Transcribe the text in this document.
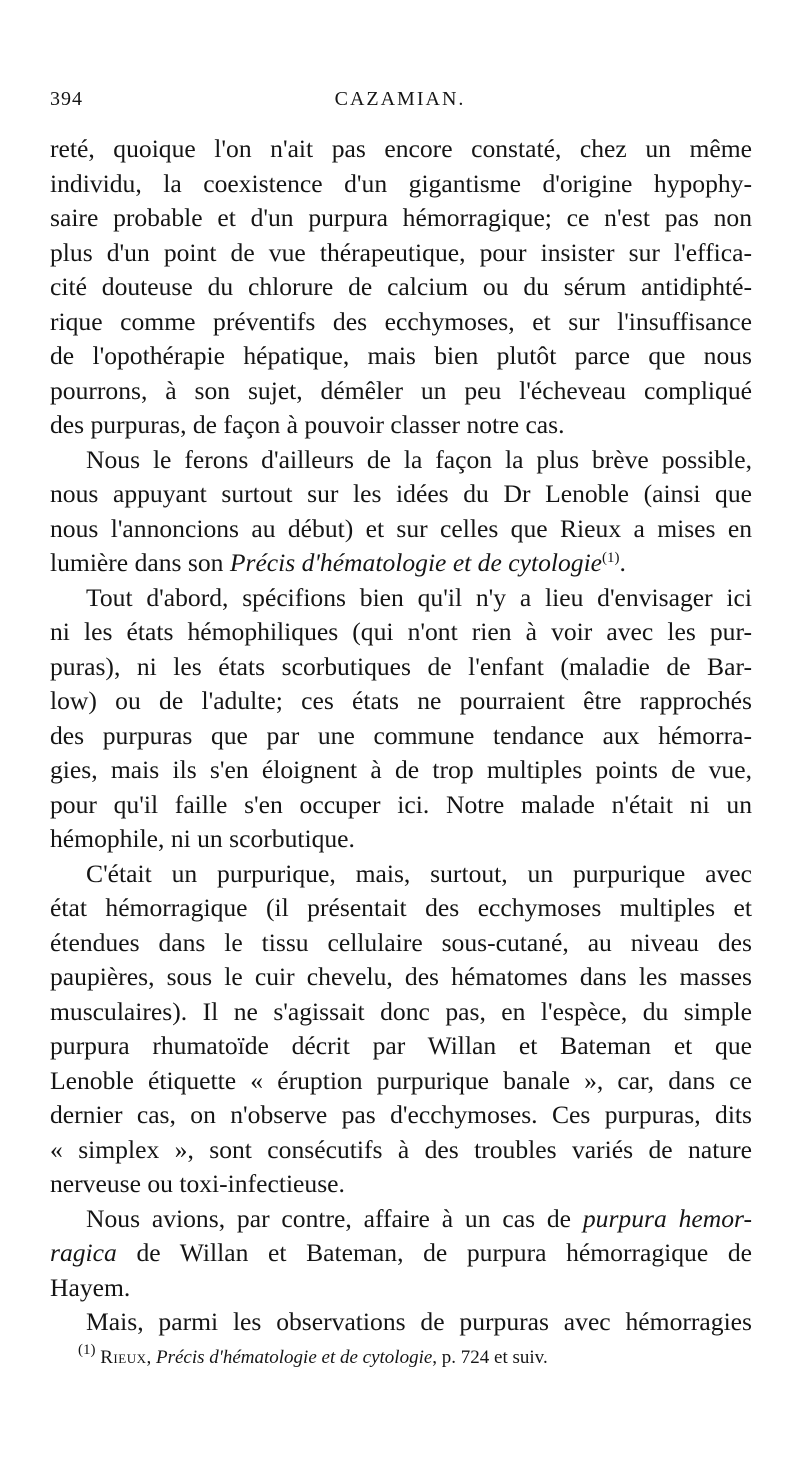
394	CAZAMIAN.

reté, quoique l'on n'ait pas encore constaté, chez un même
individu, la coexistence d'un gigantisme d'origine hypophy-
saire probable et d'un purpura hémorragique; ce n'est pas non
plus d'un point de vue thérapeutique, pour insister sur l'effica-
cité douteuse du chlorure de calcium ou du sérum antidiphté-
rique comme préventifs des ecchymoses, et sur l'insuffisance
de l'opothérapie hépatique, mais bien plutôt parce que nous
pourrons, à son sujet, démêler un peu l'écheveau compliqué
des purpuras, de façon à pouvoir classer notre cas.

Nous le ferons d'ailleurs de la façon la plus brève possible,
nous appuyant surtout sur les idées du Dr Lenoble (ainsi que
nous l'annoncions au début) et sur celles que Rieux a mises en
lumière dans son Précis d'hématologie et de cytologie$^{(1)}$.

Tout d'abord, spécifions bien qu'il n'y a lieu d'envisager ici
ni les états hémophiliques (qui n'ont rien à voir avec les pur-
puras), ni les états scorbutiques de l'enfant (maladie de Bar-
low) ou de l'adulte; ces états ne pourraient être rapprochés
des purpuras que par une commune tendance aux hémorra-
gies, mais ils s'en éloignent à de trop multiples points de vue,
pour qu'il faille s'en occuper ici. Notre malade n'était ni un
hémophile, ni un scorbutique.

C'était un purpurique, mais, surtout, un purpurique avec
état hémorragique (il présentait des ecchymoses multiples et
étendues dans le tissu cellulaire sous-cutané, au niveau des
paupières, sous le cuir chevelu, des hématomes dans les masses
musculaires). Il ne s'agissait donc pas, en l'espèce, du simple
purpura rhumatoïde décrit par Willan et Bateman et que
Lenoble étiquette « éruption purpurique banale », car, dans ce
dernier cas, on n'observe pas d'ecchymoses. Ces purpuras, dits
« simplex », sont consécutifs à des troubles variés de nature
nerveuse ou toxi-infectieuse.

Nous avions, par contre, affaire à un cas de purpura hemor-
ragica de Willan et Bateman, de purpura hémorragique de
Hayem.

Mais, parmi les observations de purpuras avec hémorragies

$^{(1)}$ Rieux, Précis d'hématologie et de cytologie, p. 724 et suiv.
